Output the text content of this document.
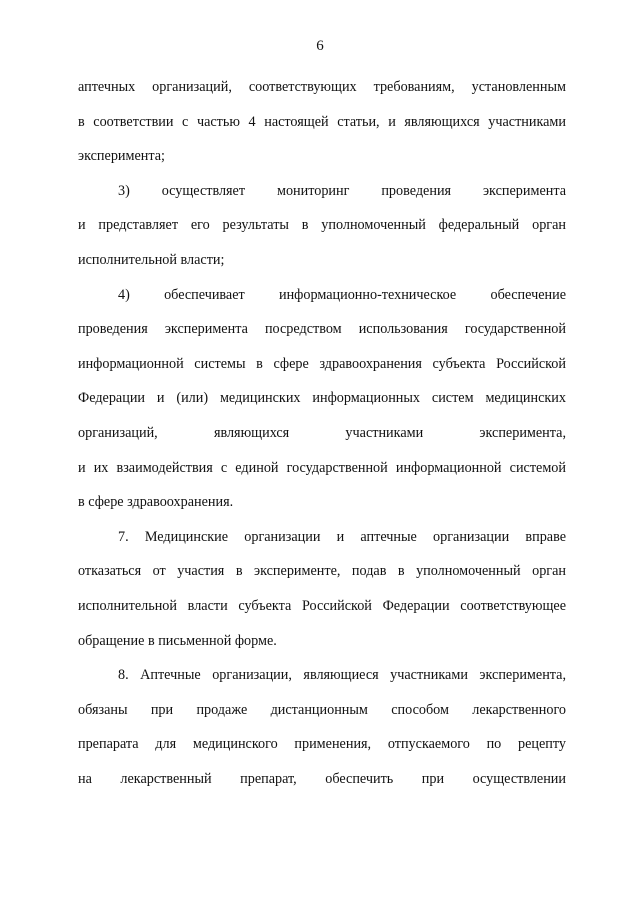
6
аптечных организаций, соответствующих требованиям, установленным
в соответствии с частью 4 настоящей статьи, и являющихся участниками
эксперимента;
3) осуществляет мониторинг проведения эксперимента
и представляет его результаты в уполномоченный федеральный орган
исполнительной власти;
4) обеспечивает информационно-техническое обеспечение
проведения эксперимента посредством использования государственной
информационной системы в сфере здравоохранения субъекта Российской
Федерации и (или) медицинских информационных систем медицинских
организаций, являющихся участниками эксперимента,
и их взаимодействия с единой государственной информационной системой
в сфере здравоохранения.
7. Медицинские организации и аптечные организации вправе
отказаться от участия в эксперименте, подав в уполномоченный орган
исполнительной власти субъекта Российской Федерации соответствующее
обращение в письменной форме.
8. Аптечные организации, являющиеся участниками эксперимента,
обязаны при продаже дистанционным способом лекарственного
препарата для медицинского применения, отпускаемого по рецепту
на лекарственный препарат, обеспечить при осуществлении
